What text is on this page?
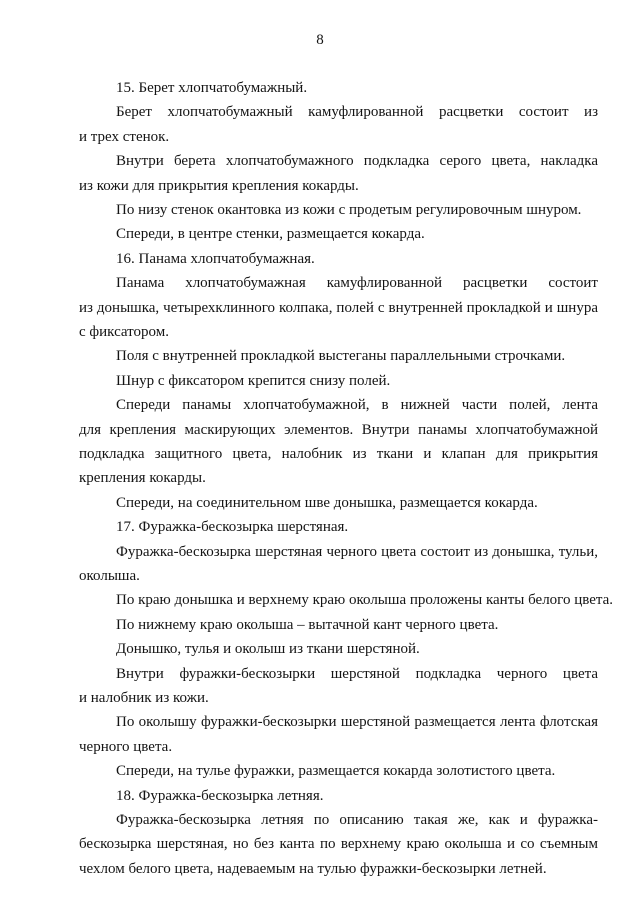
8
15. Берет хлопчатобумажный.
Берет хлопчатобумажный камуфлированной расцветки состоит из
и трех стенок.
Внутри берета хлопчатобумажного подкладка серого цвета, накладка
из кожи для прикрытия крепления кокарды.
По низу стенок окантовка из кожи с продетым регулировочным шнуром.
Спереди, в центре стенки, размещается кокарда.
16. Панама хлопчатобумажная.
Панама хлопчатобумажная камуфлированной расцветки состоит
из донышка, четырехклинного колпака, полей с внутренней прокладкой и шнура
с фиксатором.
Поля с внутренней прокладкой выстеганы параллельными строчками.
Шнур с фиксатором крепится снизу полей.
Спереди панамы хлопчатобумажной, в нижней части полей, лента
для крепления маскирующих элементов. Внутри панамы хлопчатобумажной
подкладка защитного цвета, налобник из ткани и клапан для прикрытия
крепления кокарды.
Спереди, на соединительном шве донышка, размещается кокарда.
17. Фуражка-бескозырка шерстяная.
Фуражка-бескозырка шерстяная черного цвета состоит из донышка, тульи,
околыша.
По краю донышка и верхнему краю околыша проложены канты белого цвета.
По нижнему краю околыша – вытачной кант черного цвета.
Донышко, тулья и околыш из ткани шерстяной.
Внутри фуражки-бескозырки шерстяной подкладка черного цвета
и налобник из кожи.
По околышу фуражки-бескозырки шерстяной размещается лента флотская
черного цвета.
Спереди, на тулье фуражки, размещается кокарда золотистого цвета.
18. Фуражка-бескозырка летняя.
Фуражка-бескозырка летняя по описанию такая же, как и фуражка-
бескозырка шерстяная, но без канта по верхнему краю околыша и со съемным
чехлом белого цвета, надеваемым на тулью фуражки-бескозырки летней.
